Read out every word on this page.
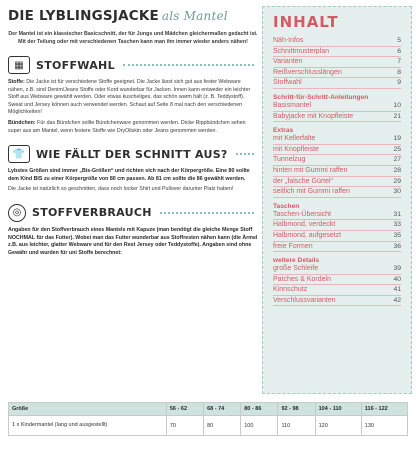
DIE LYBLINGSJACKE als Mantel

Der Mantel ist ein klassischer Basicschnitt, der für Jungs und Mädchen gleichermaßen gedacht ist. Mit der Teilung oder mit verschiedenen Taschen kann man ihn immer wieder anders nähen!

▦	STOFFWAHL

Stoffe: Die Jacke ist für verschiedene Stoffe geeignet. Die Jacke lässt sich gut aus fester Webware nähen, z.B. sind Denim/Jeans Stoffe oder Kord wunderbar für Jacken. Innen kann entweder ein leichter Stoff aus Webware gewählt werden. Oder etwas kuscheliges, das schön warm hält (z. B. Teddystoff). Sweat und Jersey können auch verwendet werden. Schaut auf Seite 8 mal nach den verschiedenen Möglichkeiten!

Bündchen: Für das Bündchen sollte Bündchenware genommen werden. Dicke Rippbündchen sehen super aus am Mantel, wenn festere Stoffe wie DryOilskin oder Jeans genommen werden.

👕 WIE FÄLLT DER SCHNITT AUS?

Lybstes Größen sind immer „Bis-Größen“ und richten sich nach der Körpergröße. Eine 80 sollte dem Kind BIS zu einer Körpergröße von 80 cm passen. Ab 81 cm sollte die 86 gewählt werden.

Die Jacke ist natürlich so geschnitten, dass noch locker Shirt und Pullover darunter Platz haben!

◎ STOFFVERBRAUCH

Angaben für den Stoffverbrauch eines Mantels mit Kapuze (man benötigt die gleiche Menge Stoff NOCHMAL für das Futter). Wobei man das Futter wunderbar aus Stoffresten nähen kann (die Ärmel z.B. aus leichter, glatter Webware und für den Rest Jersey oder Teddystoffe). Angaben sind ohne Gewähr und wurden für uni Stoffe berechnet:

Größe	56 - 62	68 - 74	80 - 86	92 - 98	104 - 110	116 - 122
1 x Kindermantel (lang und ausgestellt)	70	80	100	110	120	130
INHALT
Näh-Infos	5
Schnittmusterplan	6
Varianten	7
Reißverschlusslängen	8
Stoffwahl	9
Schritt-für-Schritt-Anleitungen
Basismantel	10
Babyjacke mit Knopfleiste	21
Extras
mit Kellerfalte	19
mit Knopfleiste	25
Tunnelzug	27
hinten mit Gummi raffen	28
der „falsche Gürtel“	29
seitlich mit Gummi raffen	30
Taschen
Taschen-Übersicht	31
Halbmond, verdeckt	33
Halbmond, aufgesetzt	35
freie Formen	36
weitere Details
große Schleife	39
Patches & Kordeln	40
Kinnschutz	41
Verschlussvarianten	42
